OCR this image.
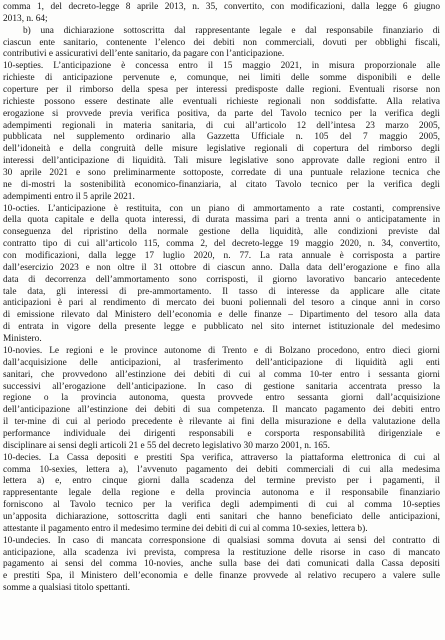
comma 1, del decreto-legge 8 aprile 2013, n. 35, convertito, con modificazioni, dalla legge 6 giugno
2013, n. 64;
b) una dichiarazione sottoscritta dal rappresentante legale e dal responsabile finanziario di
ciascun ente sanitario, contenente l’elenco dei debiti non commerciali, dovuti per obblighi fiscali,
contributivi e assicurativi dell’ente sanitario, da pagare con l’anticipazione.
10-septies. L’anticipazione è concessa entro il 15 maggio 2021, in misura proporzionale alle
richieste di anticipazione pervenute e, comunque, nei limiti delle somme disponibili e delle
coperture per il rimborso della spesa per interessi predisposte dalle regioni. Eventuali risorse non
richieste possono essere destinate alle eventuali richieste regionali non soddisfatte. Alla relativa
erogazione si provvede previa verifica positiva, da parte del Tavolo tecnico per la verifica degli
adempimenti regionali in materia sanitaria, di cui all’articolo 12 dell’intesa 23 marzo 2005,
pubblicata nel supplemento ordinario alla Gazzetta Ufficiale n. 105 del 7 maggio 2005,
dell’idoneità e della congruità delle misure legislative regionali di copertura del rimborso degli
interessi dell’anticipazione di liquidità. Tali misure legislative sono approvate dalle regioni entro il
30 aprile 2021 e sono preliminarmente sottoposte, corredate di una puntuale relazione tecnica che
ne di-mostri la sostenibilità economico-finanziaria, al citato Tavolo tecnico per la verifica degli
adempimenti entro il 5 aprile 2021.
10-octies. L’anticipazione è restituita, con un piano di ammortamento a rate costanti, comprensive
della quota capitale e della quota interessi, di durata massima pari a trenta anni o anticipatamente in
conseguenza del ripristino della normale gestione della liquidità, alle condizioni previste dal
contratto tipo di cui all’articolo 115, comma 2, del decreto-legge 19 maggio 2020, n. 34, convertito,
con modificazioni, dalla legge 17 luglio 2020, n. 77. La rata annuale è corrisposta a partire
dall’esercizio 2023 e non oltre il 31 ottobre di ciascun anno. Dalla data dell’erogazione e fino alla
data di decorrenza dell’ammortamento sono corrisposti, il giorno lavorativo bancario antecedente
tale data, gli interessi di pre-ammortamento. Il tasso di interesse da applicare alle citate
anticipazioni è pari al rendimento di mercato dei buoni poliennali del tesoro a cinque anni in corso
di emissione rilevato dal Ministero dell’economia e delle finanze – Dipartimento del tesoro alla data
di entrata in vigore della presente legge e pubblicato nel sito internet istituzionale del medesimo
Ministero.
10-novies. Le regioni e le province autonome di Trento e di Bolzano procedono, entro dieci giorni
dall’acquisizione delle anticipazioni, al trasferimento dell’anticipazione di liquidità agli enti
sanitari, che provvedono all’estinzione dei debiti di cui al comma 10-ter entro i sessanta giorni
successivi all’erogazione dell’anticipazione. In caso di gestione sanitaria accentrata presso la
regione o la provincia autonoma, questa provvede entro sessanta giorni dall’acquisizione
dell’anticipazione all’estinzione dei debiti di sua competenza. Il mancato pagamento dei debiti entro
il ter-mine di cui al periodo precedente è rilevante ai fini della misurazione e della valutazione della
performance individuale dei dirigenti responsabili e corsporta responsabilità dirigenziale e
disciplinare ai sensi degli articoli 21 e 55 del decreto legislativo 30 marzo 2001, n. 165.
10-decies. La Cassa depositi e prestiti Spa verifica, attraverso la piattaforma elettronica di cui al
comma 10-sexies, lettera a), l’avvenuto pagamento dei debiti commerciali di cui alla medesima
lettera a) e, entro cinque giorni dalla scadenza del termine previsto per i pagamenti, il
rappresentante legale della regione e della provincia autonoma e il responsabile finanziario
forniscono al Tavolo tecnico per la verifica degli adempimenti di cui al comma 10-septies
un’apposita dichiarazione, sottoscritta dagli enti sanitari che hanno beneficiato delle anticipazioni,
attestante il pagamento entro il medesimo termine dei debiti di cui al comma 10-sexies, lettera b).
10-undecies. In caso di mancata corresponsione di qualsiasi somma dovuta ai sensi del contratto di
anticipazione, alla scadenza ivi prevista, compresa la restituzione delle risorse in caso di mancato
pagamento ai sensi del comma 10-novies, anche sulla base dei dati comunicati dalla Cassa depositi
e prestiti Spa, il Ministero dell’economia e delle finanze provvede al relativo recupero a valere sulle
somme a qualsiasi titolo spettanti.
